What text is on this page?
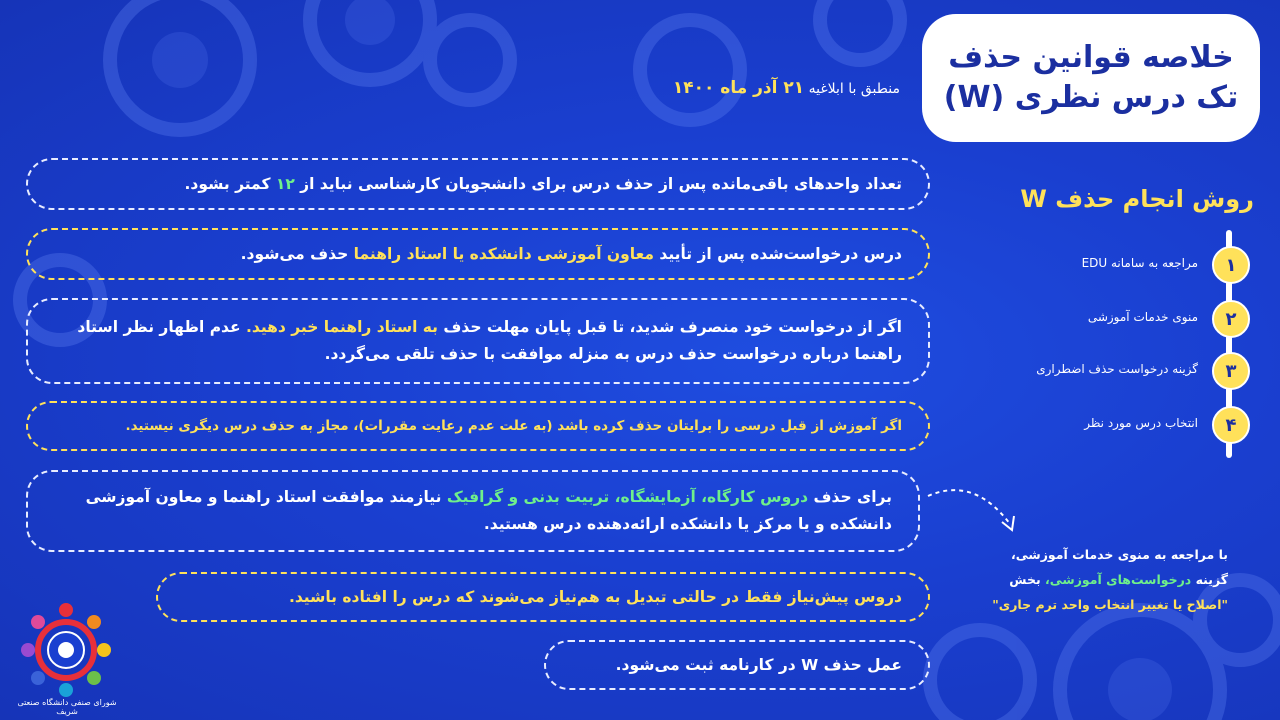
خلاصه قوانین حذف
تک درس نظری (W)
منطبق با ابلاغیه ۲۱ آذر ماه ۱۴۰۰
تعداد واحدهای باقی‌مانده پس از حذف درس برای دانشجویان کارشناسی نباید از ۱۲ کمتر بشود.
درس درخواست‌شده پس از تأیید معاون آموزشی دانشکده یا استاد راهنما حذف می‌شود.
اگر از درخواست خود منصرف شدید، تا قبل پایان مهلت حذف به استاد راهنما خبر دهید. عدم اظهار نظر استاد راهنما درباره درخواست حذف درس به منزله موافقت با حذف تلقی می‌گردد.
اگر آموزش از قبل درسی را برایتان حذف کرده باشد (به علت عدم رعایت مقررات)، مجاز به حذف درس دیگری نیستید.
برای حذف دروس کارگاه، آزمایشگاه، تربیت بدنی و گرافیک نیازمند موافقت استاد راهنما و معاون آموزشی دانشکده و یا مرکز یا دانشکده ارائه‌دهنده درس هستید.
دروس پیش‌نیاز فقط در حالتی تبدیل به هم‌نیاز می‌شوند که درس را افتاده باشید.
عمل حذف W در کارنامه ثبت می‌شود.
روش انجام حذف W
۱
مراجعه به سامانه EDU
۲
منوی خدمات آموزشی
۳
گزینه درخواست حذف اضطراری
۴
انتخاب درس مورد نظر
با مراجعه به منوی خدمات آموزشی،
گزینه درخواست‌های آموزشی، بخش
"اصلاح یا تغییر انتخاب واحد ترم جاری"
شورای صنفی دانشگاه صنعتی شریف
